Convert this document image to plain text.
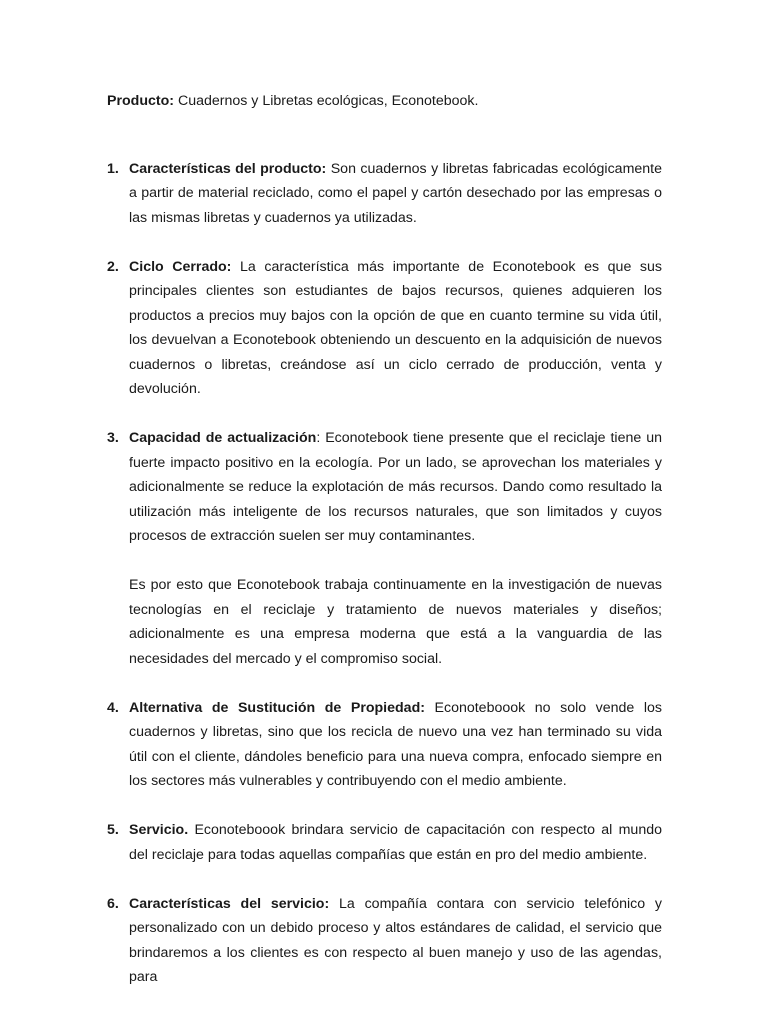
Producto: Cuadernos y Libretas ecológicas, Econotebook.

1. Características del producto: Son cuadernos y libretas fabricadas ecológicamente a partir de material reciclado, como el papel y cartón desechado por las empresas o las mismas libretas y cuadernos ya utilizadas.
2. Ciclo Cerrado: La característica más importante de Econotebook es que sus principales clientes son estudiantes de bajos recursos, quienes adquieren los productos a precios muy bajos con la opción de que en cuanto termine su vida útil, los devuelvan a Econotebook obteniendo un descuento en la adquisición de nuevos cuadernos o libretas, creándose así un ciclo cerrado de producción, venta y devolución.
3. Capacidad de actualización: Econotebook tiene presente que el reciclaje tiene un fuerte impacto positivo en la ecología. Por un lado, se aprovechan los materiales y adicionalmente se reduce la explotación de más recursos. Dando como resultado la utilización más inteligente de los recursos naturales, que son limitados y cuyos procesos de extracción suelen ser muy contaminantes.

Es por esto que Econotebook trabaja continuamente en la investigación de nuevas tecnologías en el reciclaje y tratamiento de nuevos materiales y diseños; adicionalmente es una empresa moderna que está a la vanguardia de las necesidades del mercado y el compromiso social.

4. Alternativa de Sustitución de Propiedad: Econoteboook no solo vende los cuadernos y libretas, sino que los recicla de nuevo una vez han terminado su vida útil con el cliente, dándoles beneficio para una nueva compra, enfocado siempre en los sectores más vulnerables y contribuyendo con el medio ambiente.
5. Servicio. Econoteboook brindara servicio de capacitación con respecto al mundo del reciclaje para todas aquellas compañías que están en pro del medio ambiente.
6. Características del servicio: La compañía contara con servicio telefónico y personalizado con un debido proceso y altos estándares de calidad, el servicio que brindaremos a los clientes es con respecto al buen manejo y uso de las agendas, para
